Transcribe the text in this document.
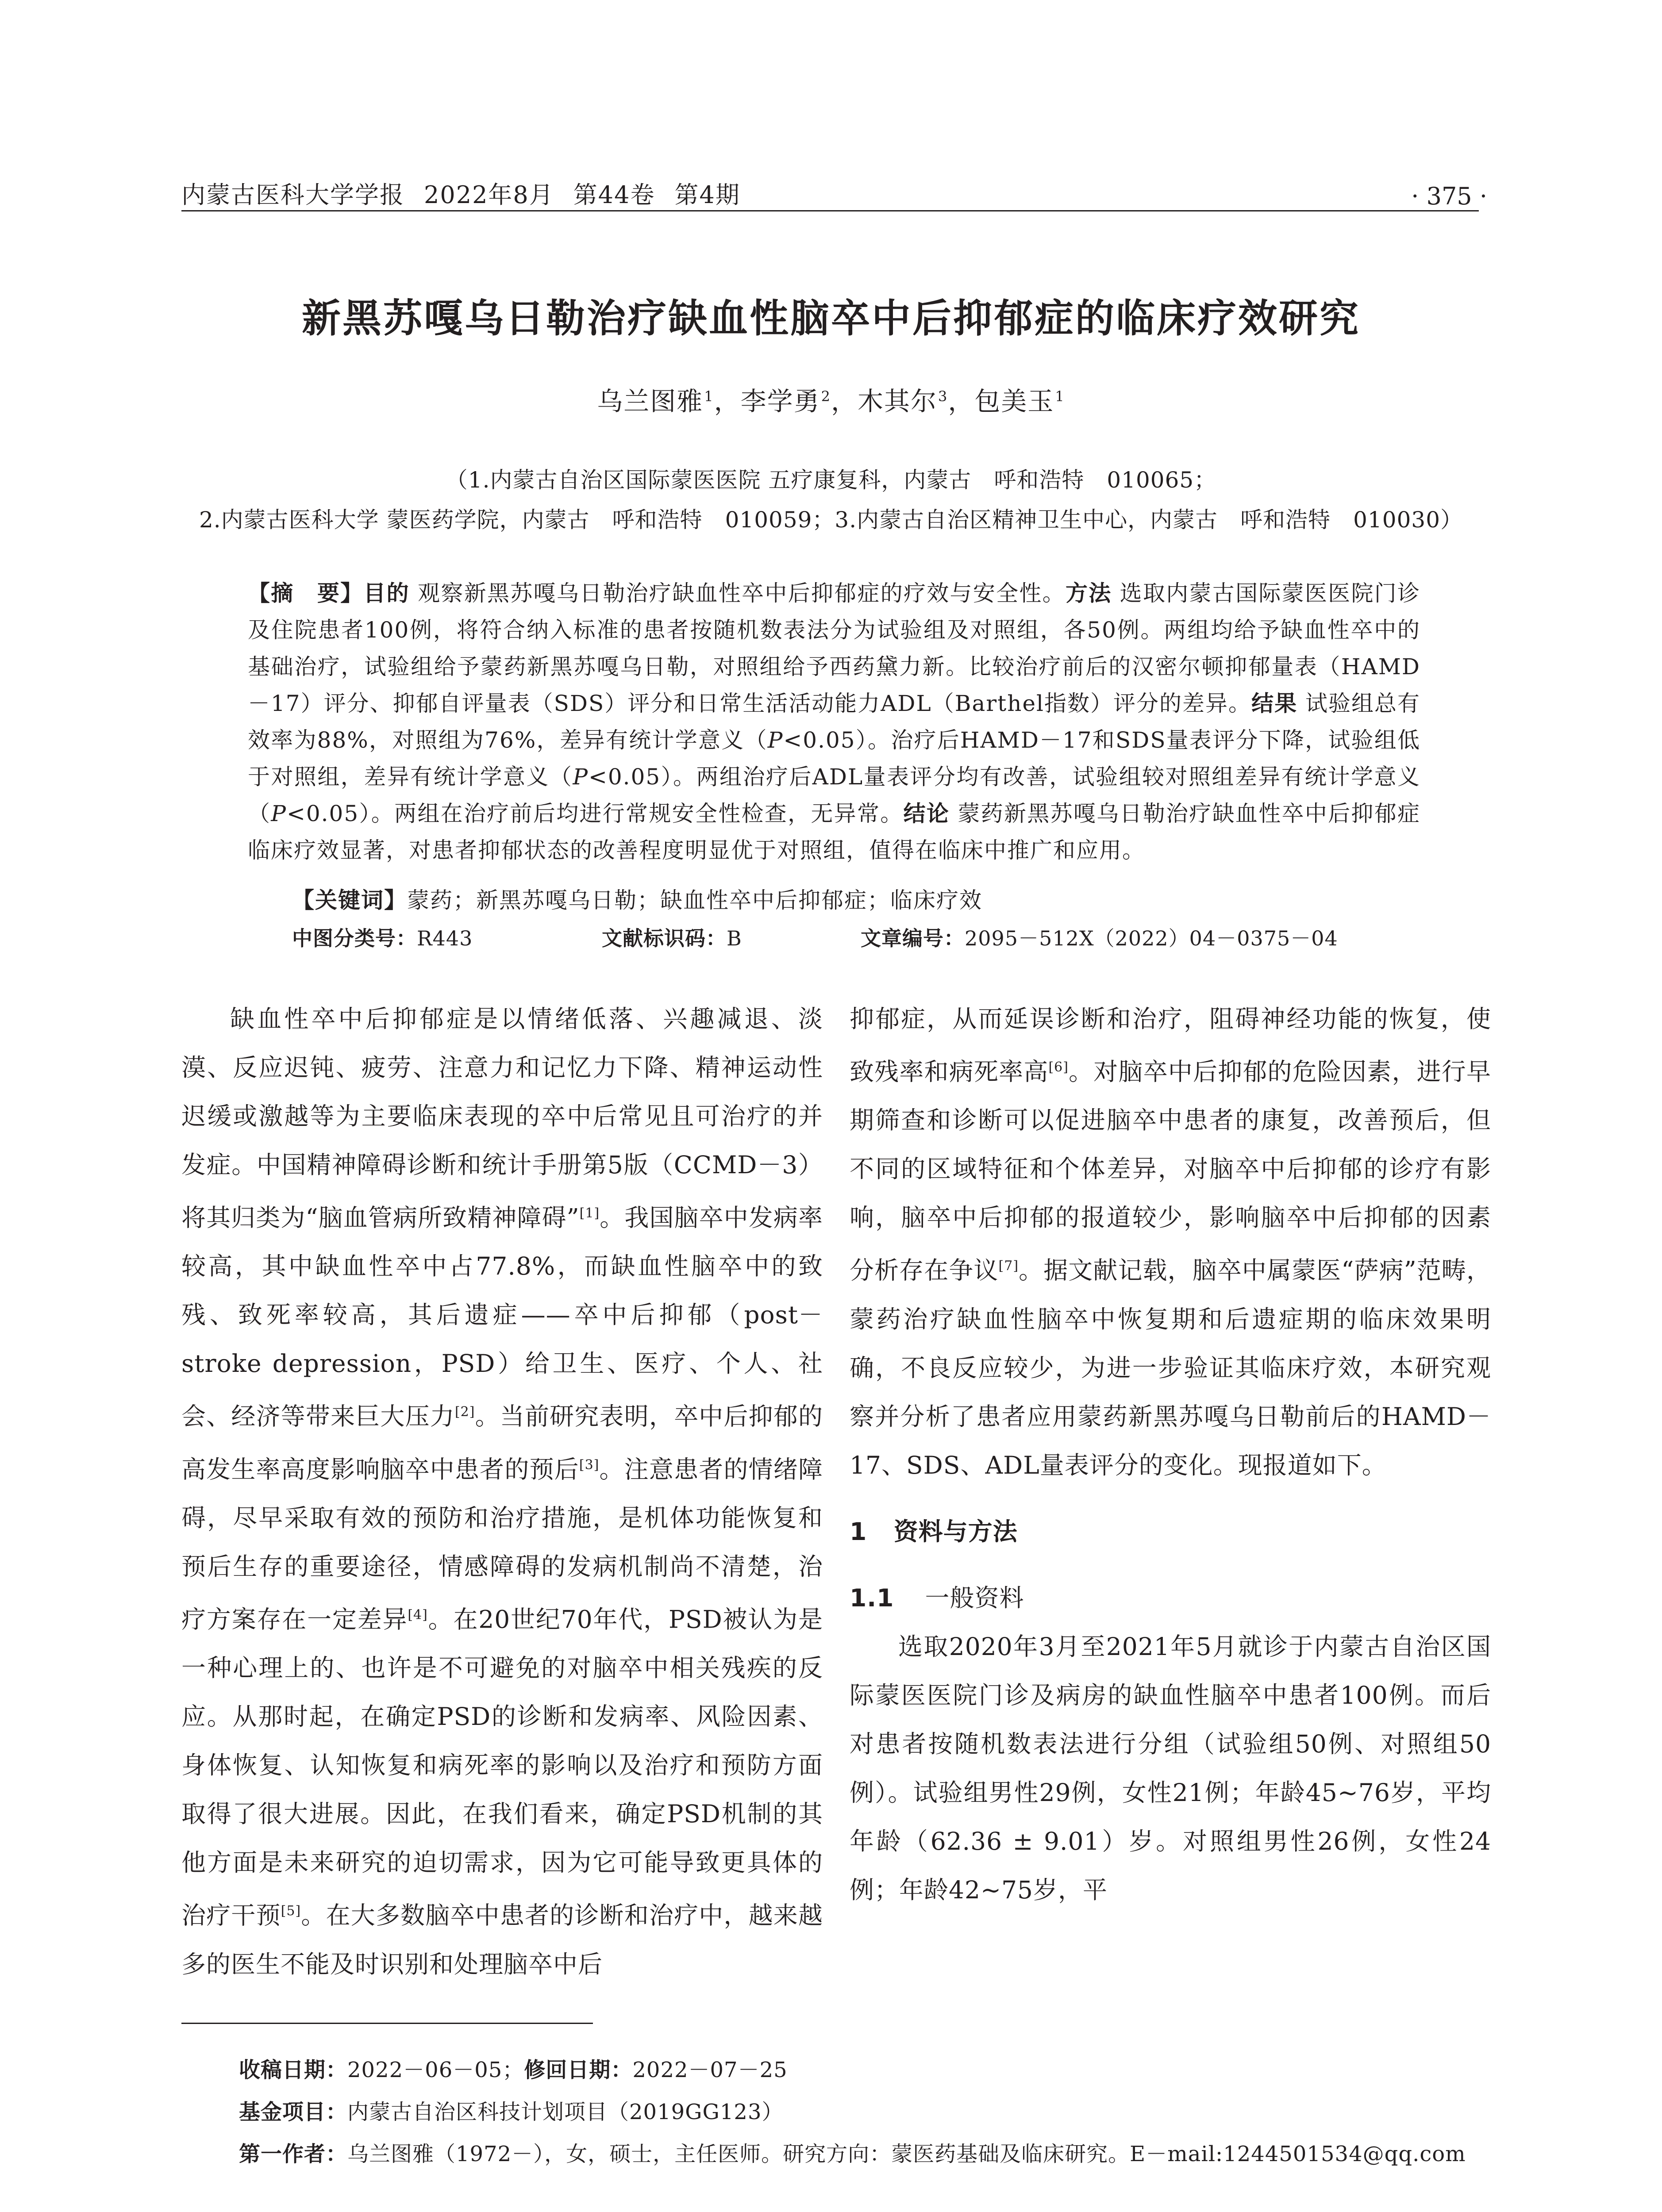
内蒙古医科大学学报 2022年8月 第44卷 第4期	· 375 ·
新黑苏嘎乌日勒治疗缺血性脑卒中后抑郁症的临床疗效研究
乌兰图雅$^1$，李学勇$^2$，木其尔$^3$，包美玉$^1$
（1.内蒙古自治区国际蒙医医院 五疗康复科，内蒙古　呼和浩特　010065；
2.内蒙古医科大学 蒙医药学院，内蒙古　呼和浩特　010059；3.内蒙古自治区精神卫生中心，内蒙古　呼和浩特　010030）
【摘　要】目的 观察新黑苏嘎乌日勒治疗缺血性卒中后抑郁症的疗效与安全性。方法 选取内蒙古国际蒙医医院门诊及住院患者100例，将符合纳入标准的患者按随机数表法分为试验组及对照组，各50例。两组均给予缺血性卒中的基础治疗，试验组给予蒙药新黑苏嘎乌日勒，对照组给予西药黛力新。比较治疗前后的汉密尔顿抑郁量表（HAMD－17）评分、抑郁自评量表（SDS）评分和日常生活活动能力ADL（Barthel指数）评分的差异。结果 试验组总有效率为88%，对照组为76%，差异有统计学意义（P<0.05）。治疗后HAMD－17和SDS量表评分下降，试验组低于对照组，差异有统计学意义（P<0.05）。两组治疗后ADL量表评分均有改善，试验组较对照组差异有统计学意义（P<0.05）。两组在治疗前后均进行常规安全性检查，无异常。结论 蒙药新黑苏嘎乌日勒治疗缺血性卒中后抑郁症临床疗效显著，对患者抑郁状态的改善程度明显优于对照组，值得在临床中推广和应用。
【关键词】蒙药；新黑苏嘎乌日勒；缺血性卒中后抑郁症；临床疗效
中图分类号：R443	文献标识码：B	文章编号：2095－512X（2022）04－0375－04

缺血性卒中后抑郁症是以情绪低落、兴趣减退、淡漠、反应迟钝、疲劳、注意力和记忆力下降、精神运动性迟缓或激越等为主要临床表现的卒中后常见且可治疗的并发症。中国精神障碍诊断和统计手册第5版（CCMD－3）将其归类为“脑血管病所致精神障碍”[1]。我国脑卒中发病率较高，其中缺血性卒中占77.8%，而缺血性脑卒中的致残、致死率较高，其后遗症——卒中后抑郁（post－stroke depression，PSD）给卫生、医疗、个人、社会、经济等带来巨大压力[2]。当前研究表明，卒中后抑郁的高发生率高度影响脑卒中患者的预后[3]。注意患者的情绪障碍，尽早采取有效的预防和治疗措施，是机体功能恢复和预后生存的重要途径，情感障碍的发病机制尚不清楚，治疗方案存在一定差异[4]。在20世纪70年代，PSD被认为是一种心理上的、也许是不可避免的对脑卒中相关残疾的反应。从那时起，在确定PSD的诊断和发病率、风险因素、身体恢复、认知恢复和病死率的影响以及治疗和预防方面取得了很大进展。因此，在我们看来，确定PSD机制的其他方面是未来研究的迫切需求，因为它可能导致更具体的治疗干预[5]。在大多数脑卒中患者的诊断和治疗中，越来越多的医生不能及时识别和处理脑卒中后

抑郁症，从而延误诊断和治疗，阻碍神经功能的恢复，使致残率和病死率高[6]。对脑卒中后抑郁的危险因素，进行早期筛查和诊断可以促进脑卒中患者的康复，改善预后，但不同的区域特征和个体差异，对脑卒中后抑郁的诊疗有影响，脑卒中后抑郁的报道较少，影响脑卒中后抑郁的因素分析存在争议[7]。据文献记载，脑卒中属蒙医“萨病”范畴，蒙药治疗缺血性脑卒中恢复期和后遗症期的临床效果明确，不良反应较少，为进一步验证其临床疗效，本研究观察并分析了患者应用蒙药新黑苏嘎乌日勒前后的HAMD－17、SDS、ADL量表评分的变化。现报道如下。

1 资料与方法
1.1 一般资料

选取2020年3月至2021年5月就诊于内蒙古自治区国际蒙医医院门诊及病房的缺血性脑卒中患者100例。而后对患者按随机数表法进行分组（试验组50例、对照组50例）。试验组男性29例，女性21例；年龄45~76岁，平均年龄（62.36 ± 9.01）岁。对照组男性26例，女性24例；年龄42~75岁，平

收稿日期：2022－06－05；修回日期：2022－07－25
基金项目：内蒙古自治区科技计划项目（2019GG123）
第一作者：乌兰图雅（1972－），女，硕士，主任医师。研究方向：蒙医药基础及临床研究。E－mail:1244501534@qq.com
